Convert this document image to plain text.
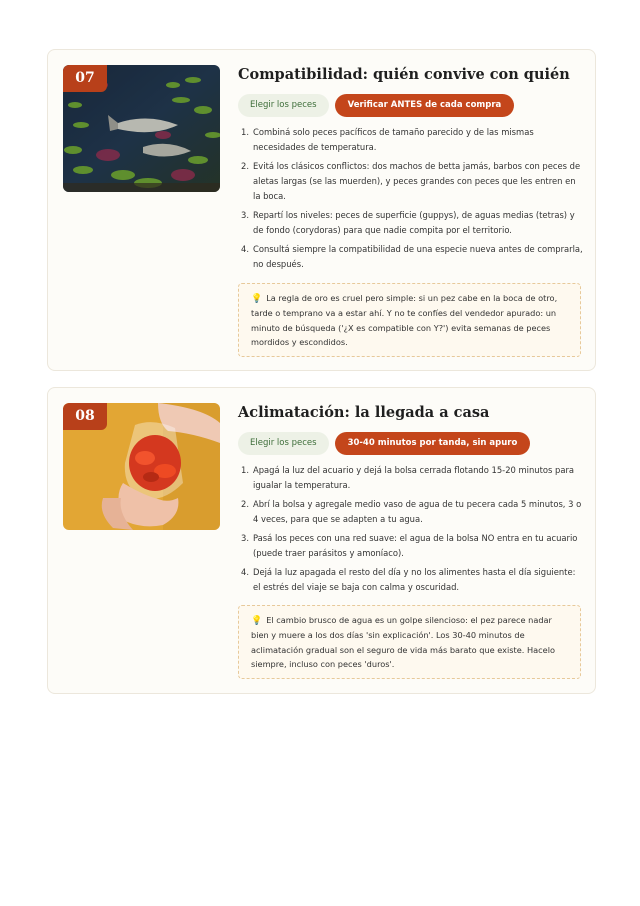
07	Compatibilidad: quién convive con quién
Elegir los peces	Verificar ANTES de cada compra
1. Combiná solo peces pacíficos de tamaño parecido y de las mismas necesidades de temperatura.
2. Evitá los clásicos conflictos: dos machos de betta jamás, barbos con peces de aletas largas (se las muerden), y peces grandes con peces que les entren en la boca.
3. Repartí los niveles: peces de superficie (guppys), de aguas medias (tetras) y de fondo (corydoras) para que nadie compita por el territorio.
4. Consultá siempre la compatibilidad de una especie nueva antes de comprarla, no después.
💡 La regla de oro es cruel pero simple: si un pez cabe en la boca de otro, tarde o temprano va a estar ahí. Y no te confíes del vendedor apurado: un minuto de búsqueda ('¿X es compatible con Y?') evita semanas de peces mordidos y escondidos.
08	Aclimatación: la llegada a casa
Elegir los peces	30-40 minutos por tanda, sin apuro
1. Apagá la luz del acuario y dejá la bolsa cerrada flotando 15-20 minutos para igualar la temperatura.
2. Abrí la bolsa y agregale medio vaso de agua de tu pecera cada 5 minutos, 3 o 4 veces, para que se adapten a tu agua.
3. Pasá los peces con una red suave: el agua de la bolsa NO entra en tu acuario (puede traer parásitos y amoníaco).
4. Dejá la luz apagada el resto del día y no los alimentes hasta el día siguiente: el estrés del viaje se baja con calma y oscuridad.
💡 El cambio brusco de agua es un golpe silencioso: el pez parece nadar bien y muere a los dos días 'sin explicación'. Los 30-40 minutos de aclimatación gradual son el seguro de vida más barato que existe. Hacelo siempre, incluso con peces 'duros'.
